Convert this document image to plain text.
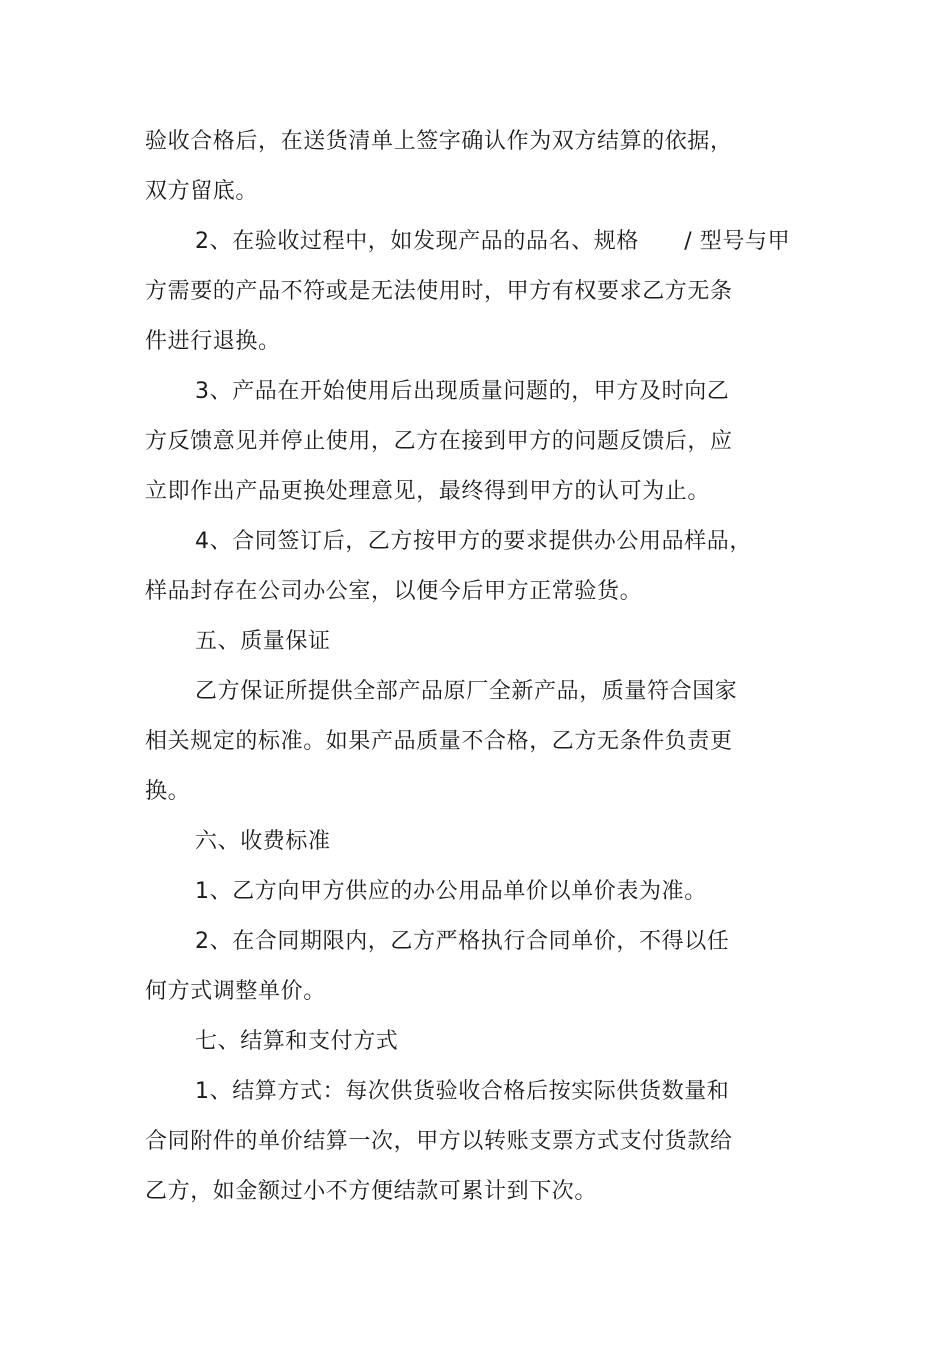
验收合格后，在送货清单上签字确认作为双方结算的依据，
双方留底。
2、在验收过程中，如发现产品的品名、规格　　/ 型号与甲
方需要的产品不符或是无法使用时，甲方有权要求乙方无条
件进行退换。
3、产品在开始使用后出现质量问题的，甲方及时向乙
方反馈意见并停止使用，乙方在接到甲方的问题反馈后，应
立即作出产品更换处理意见，最终得到甲方的认可为止。
4、合同签订后，乙方按甲方的要求提供办公用品样品，
样品封存在公司办公室，以便今后甲方正常验货。
五、质量保证
乙方保证所提供全部产品原厂全新产品，质量符合国家
相关规定的标准。如果产品质量不合格，乙方无条件负责更
换。
六、收费标准
1、乙方向甲方供应的办公用品单价以单价表为准。
2、在合同期限内，乙方严格执行合同单价，不得以任
何方式调整单价。
七、结算和支付方式
1、结算方式：每次供货验收合格后按实际供货数量和
合同附件的单价结算一次，甲方以转账支票方式支付货款给
乙方，如金额过小不方便结款可累计到下次。
